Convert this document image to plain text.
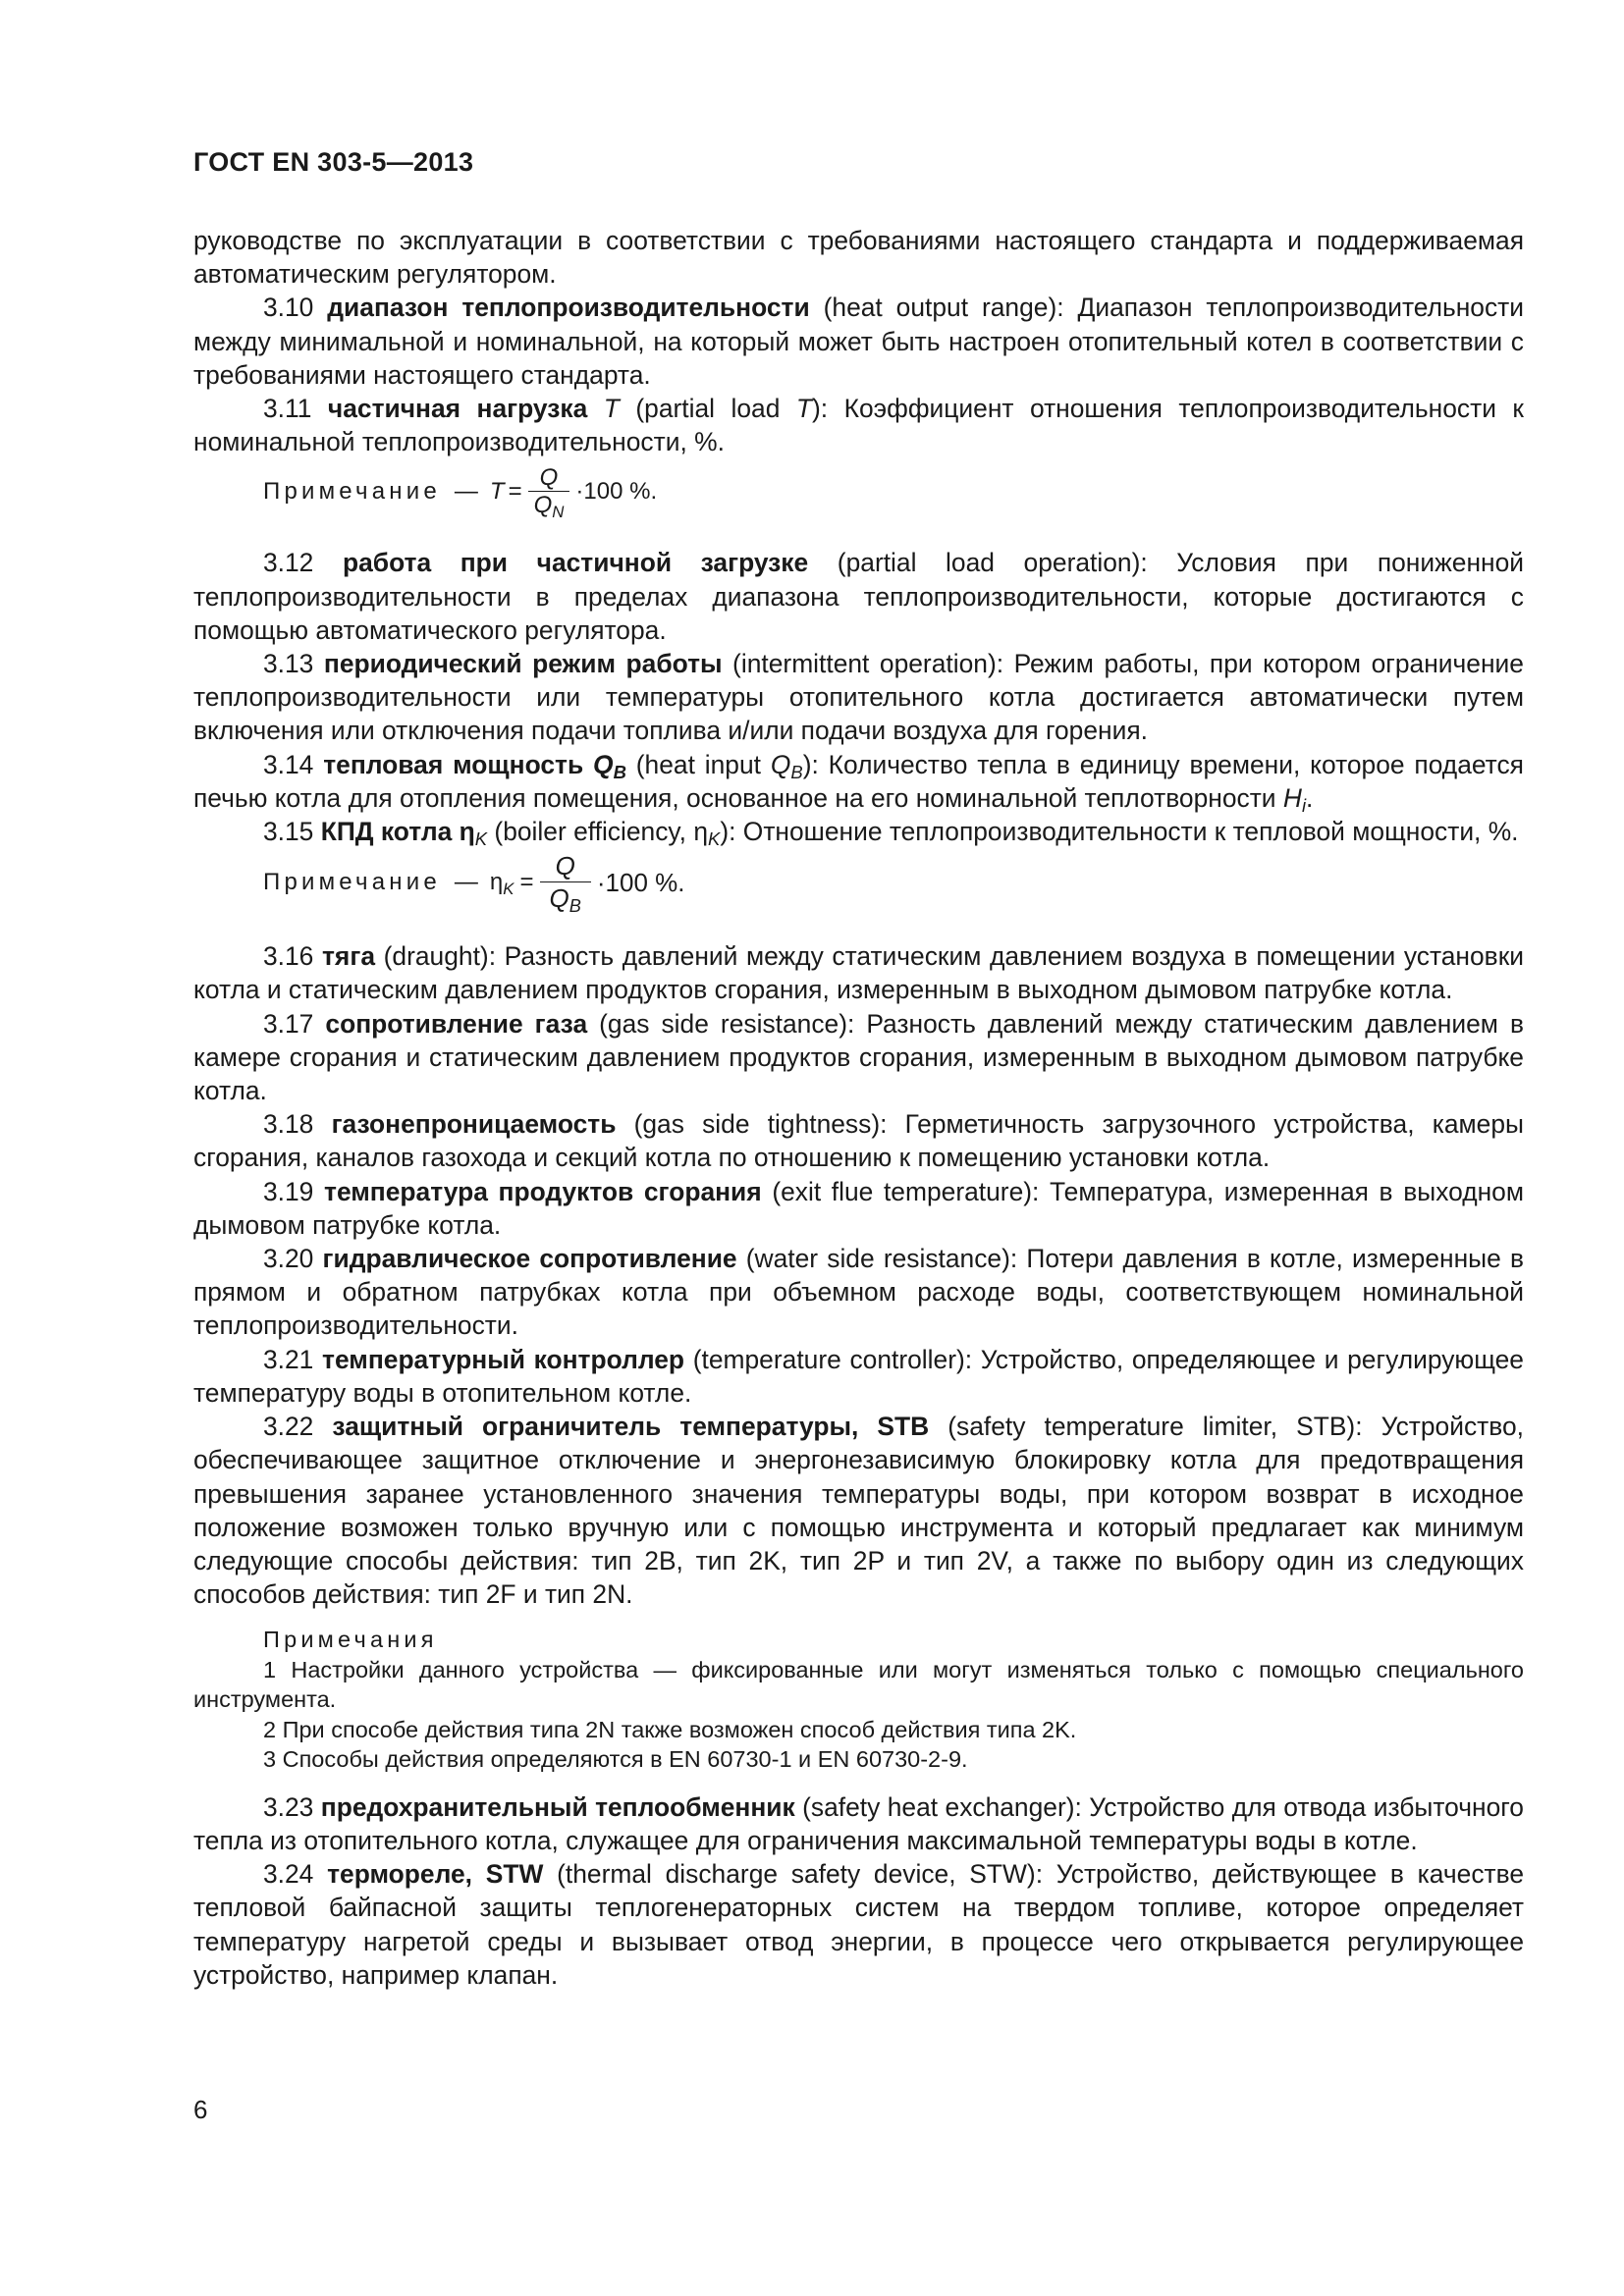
ГОСТ EN 303-5—2013

руководстве по эксплуатации в соответствии с требованиями настоящего стандарта и поддерживаемая автоматическим регулятором.

3.10 диапазон теплопроизводительности (heat output range): Диапазон теплопроизводительности между минимальной и номинальной, на который может быть настроен отопительный котел в соответствии с требованиями настоящего стандарта.

3.11 частичная нагрузка T (partial load T): Коэффициент отношения теплопроизводительности к номинальной теплопроизводительности, %.

Примечание — $T = \frac{Q}{Q_N} \cdot 100$ %.

3.12 работа при частичной загрузке (partial load operation): Условия при пониженной теплопроизводительности в пределах диапазона теплопроизводительности, которые достигаются с помощью автоматического регулятора.

3.13 периодический режим работы (intermittent operation): Режим работы, при котором ограничение теплопроизводительности или температуры отопительного котла достигается автоматически путем включения или отключения подачи топлива и/или подачи воздуха для горения.

3.14 тепловая мощность $Q_B$ (heat input $Q_B$): Количество тепла в единицу времени, которое подается печью котла для отопления помещения, основанное на его номинальной теплотворности $H_i$.

3.15 КПД котла $\eta_K$ (boiler efficiency, $\eta_K$): Отношение теплопроизводительности к тепловой мощности, %.

Примечание — $\eta_K = \frac{Q}{Q_B} \cdot 100$ %.

3.16 тяга (draught): Разность давлений между статическим давлением воздуха в помещении установки котла и статическим давлением продуктов сгорания, измеренным в выходном дымовом патрубке котла.

3.17 сопротивление газа (gas side resistance): Разность давлений между статическим давлением в камере сгорания и статическим давлением продуктов сгорания, измеренным в выходном дымовом патрубке котла.

3.18 газонепроницаемость (gas side tightness): Герметичность загрузочного устройства, камеры сгорания, каналов газохода и секций котла по отношению к помещению установки котла.

3.19 температура продуктов сгорания (exit flue temperature): Температура, измеренная в выходном дымовом патрубке котла.

3.20 гидравлическое сопротивление (water side resistance): Потери давления в котле, измеренные в прямом и обратном патрубках котла при объемном расходе воды, соответствующем номинальной теплопроизводительности.

3.21 температурный контроллер (temperature controller): Устройство, определяющее и регулирующее температуру воды в отопительном котле.

3.22 защитный ограничитель температуры, STB (safety temperature limiter, STB): Устройство, обеспечивающее защитное отключение и энергонезависимую блокировку котла для предотвращения превышения заранее установленного значения температуры воды, при котором возврат в исходное положение возможен только вручную или с помощью инструмента и который предлагает как минимум следующие способы действия: тип 2B, тип 2K, тип 2P и тип 2V, а также по выбору один из следующих способов действия: тип 2F и тип 2N.

Примечания

1 Настройки данного устройства — фиксированные или могут изменяться только с помощью специального инструмента.

2 При способе действия типа 2N также возможен способ действия типа 2K.

3 Способы действия определяются в EN 60730-1 и EN 60730-2-9.

3.23 предохранительный теплообменник (safety heat exchanger): Устройство для отвода избыточного тепла из отопительного котла, служащее для ограничения максимальной температуры воды в котле.

3.24 термореле, STW (thermal discharge safety device, STW): Устройство, действующее в качестве тепловой байпасной защиты теплогенераторных систем на твердом топливе, которое определяет температуру нагретой среды и вызывает отвод энергии, в процессе чего открывается регулирующее устройство, например клапан.

6
